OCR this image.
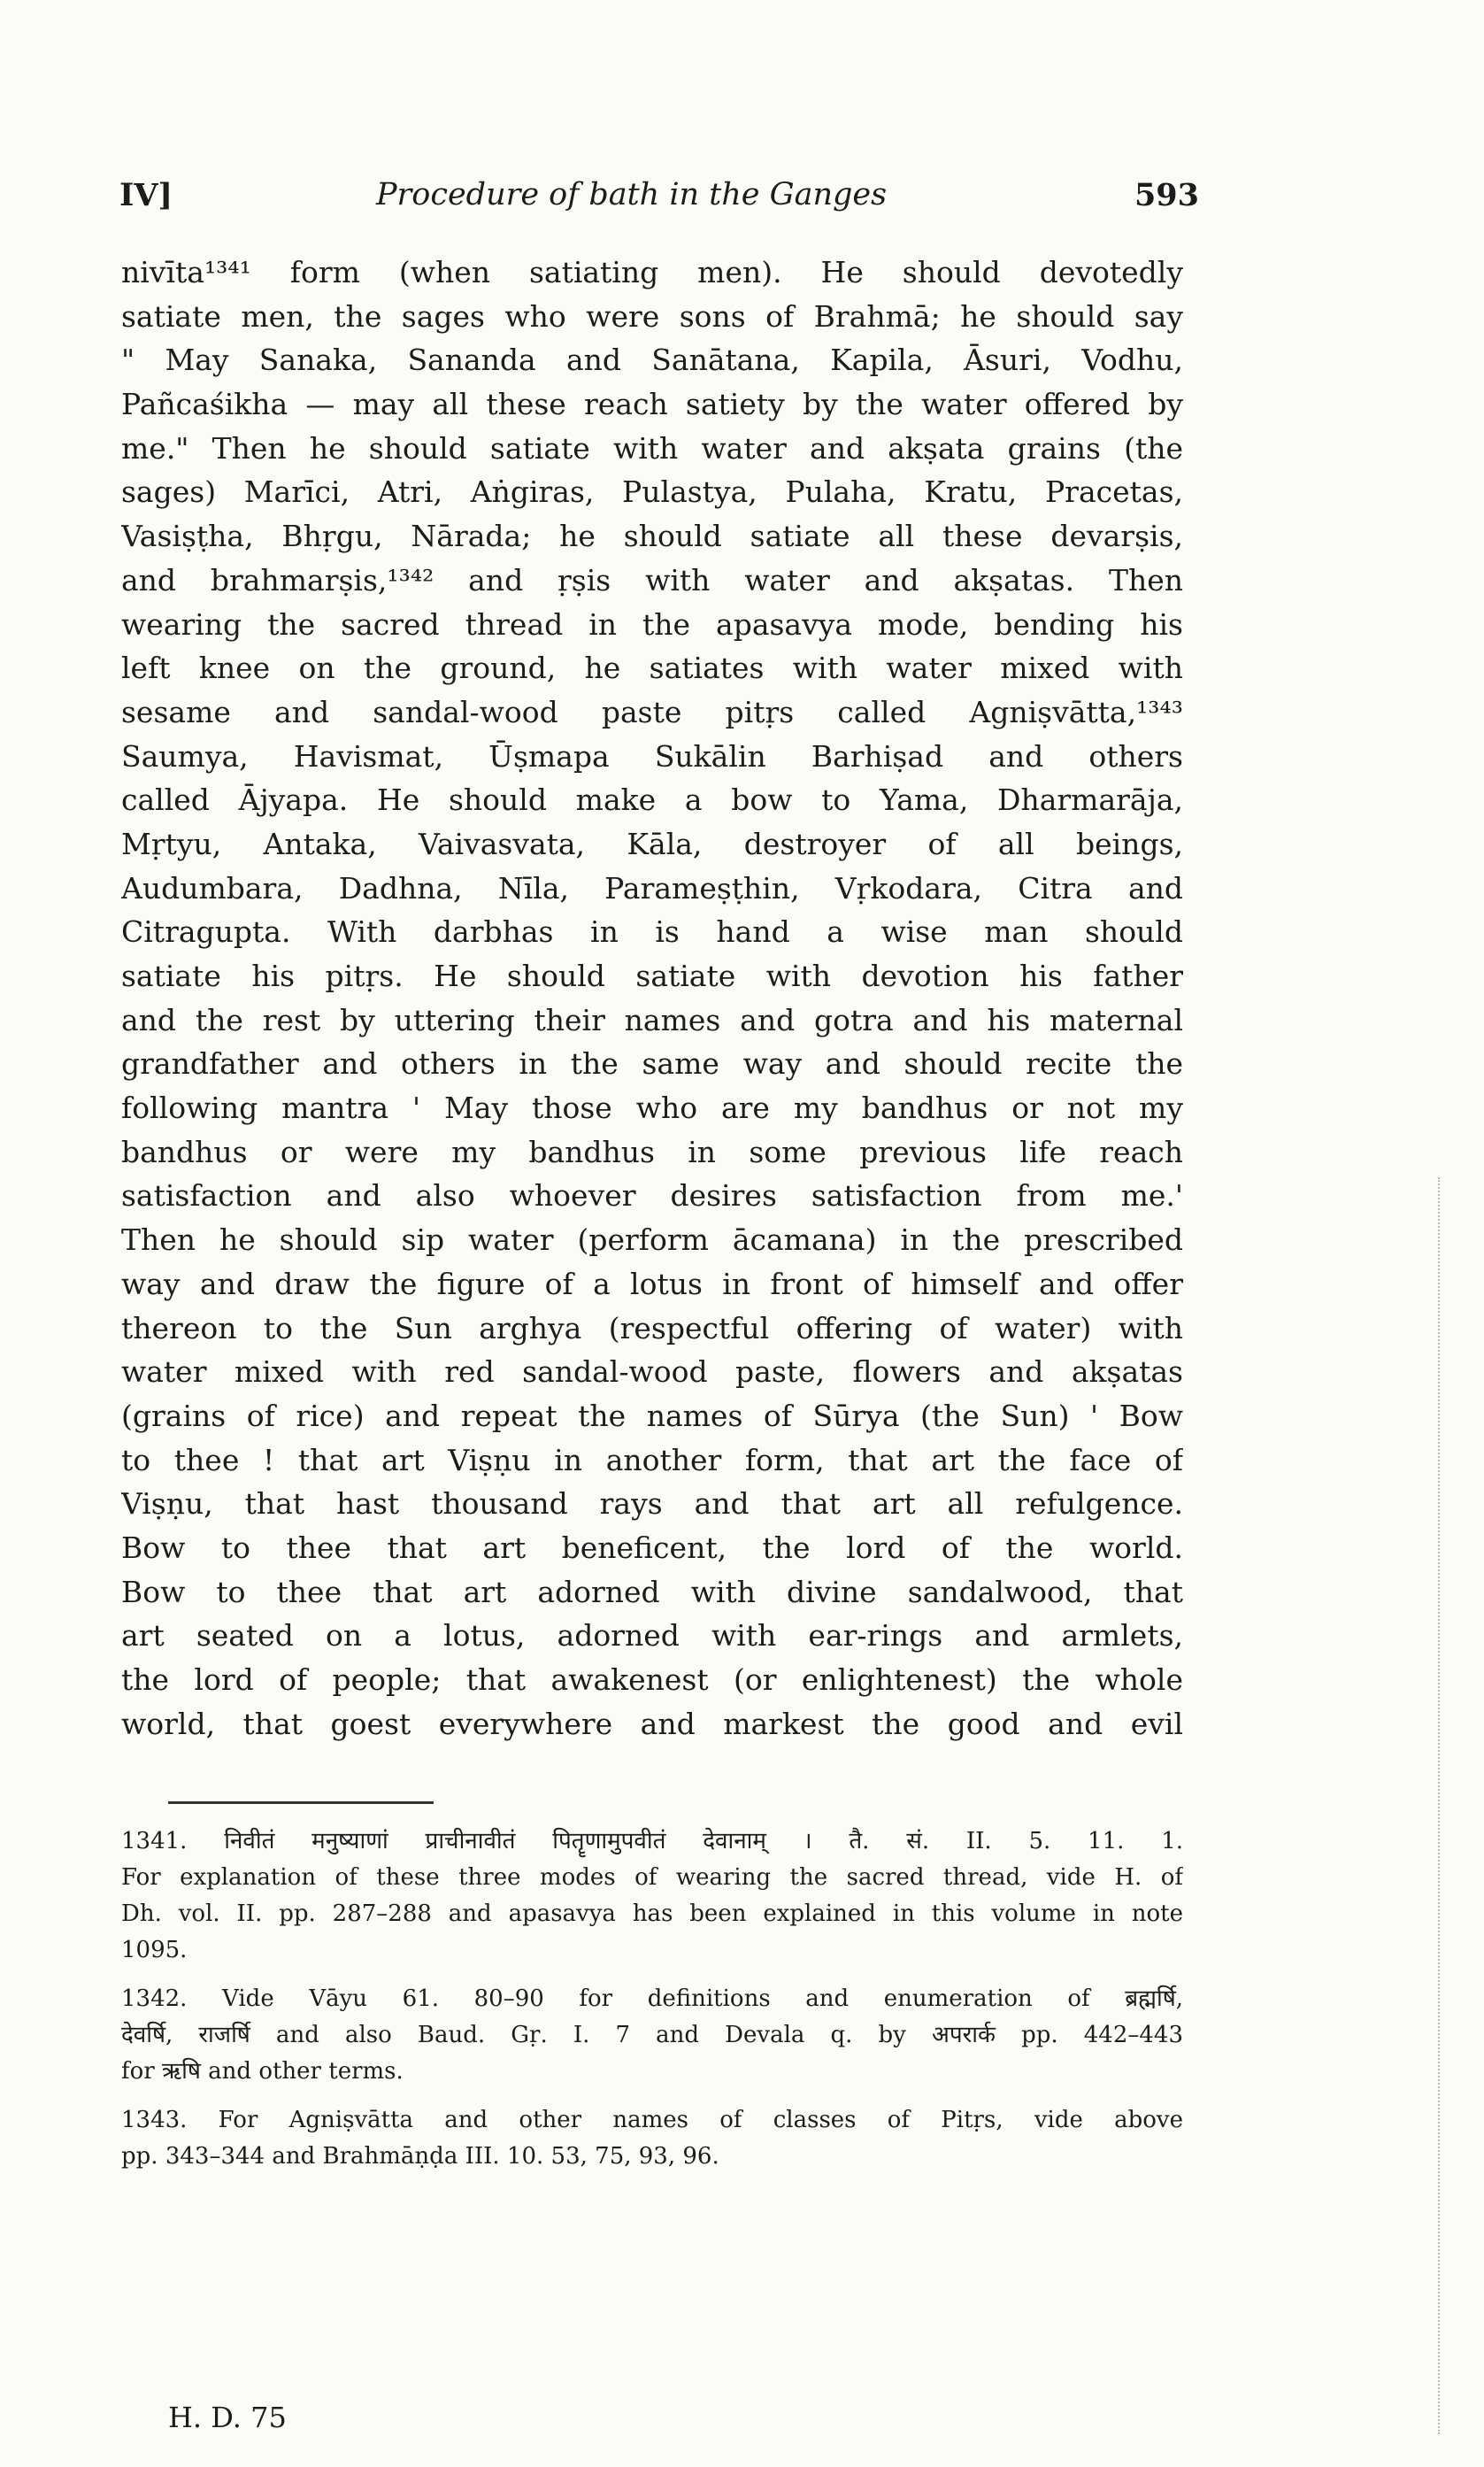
IV]	Procedure of bath in the Ganges	593
nivīta¹³⁴¹ form (when satiating men). He should devotedly
satiate men, the sages who were sons of Brahmā; he should say
" May Sanaka, Sananda and Sanātana, Kapila, Āsuri, Vodhu,
Pañcaśikha — may all these reach satiety by the water offered by
me." Then he should satiate with water and akṣata grains (the
sages) Marīci, Atri, Aṅgiras, Pulastya, Pulaha, Kratu, Pracetas,
Vasiṣṭha, Bhṛgu, Nārada; he should satiate all these devarṣis,
and brahmarṣis,¹³⁴² and ṛṣis with water and akṣatas. Then
wearing the sacred thread in the apasavya mode, bending his
left knee on the ground, he satiates with water mixed with
sesame and sandal-wood paste pitṛs called Agniṣvātta,¹³⁴³
Saumya, Havismat, Ūṣmapa Sukālin Barhiṣad and others
called Ājyapa. He should make a bow to Yama, Dharmarāja,
Mṛtyu, Antaka, Vaivasvata, Kāla, destroyer of all beings,
Audumbara, Dadhna, Nīla, Parameṣṭhin, Vṛkodara, Citra and
Citragupta. With darbhas in is hand a wise man should
satiate his pitṛs. He should satiate with devotion his father
and the rest by uttering their names and gotra and his maternal
grandfather and others in the same way and should recite the
following mantra ' May those who are my bandhus or not my
bandhus or were my bandhus in some previous life reach
satisfaction and also whoever desires satisfaction from me.'
Then he should sip water (perform ācamana) in the prescribed
way and draw the figure of a lotus in front of himself and offer
thereon to the Sun arghya (respectful offering of water) with
water mixed with red sandal-wood paste, flowers and akṣatas
(grains of rice) and repeat the names of Sūrya (the Sun) ' Bow
to thee ! that art Viṣṇu in another form, that art the face of
Viṣṇu, that hast thousand rays and that art all refulgence.
Bow to thee that art beneficent, the lord of the world.
Bow to thee that art adorned with divine sandalwood, that
art seated on a lotus, adorned with ear-rings and armlets,
the lord of people; that awakenest (or enlightenest) the whole
world, that goest everywhere and markest the good and evil
1341. निवीतं मनुष्याणां प्राचीनावीतं पितॄणामुपवीतं देवानाम् । तै. सं. II. 5. 11. 1.
For explanation of these three modes of wearing the sacred thread, vide H. of
Dh. vol. II. pp. 287–288 and apasavya has been explained in this volume in note
1095.
1342. Vide Vāyu 61. 80–90 for definitions and enumeration of ब्रह्मर्षि,
देवर्षि, राजर्षि and also Baud. Gṛ. I. 7 and Devala q. by अपरार्क pp. 442–443
for ऋषि and other terms.
1343. For Agniṣvātta and other names of classes of Pitṛs, vide above
pp. 343–344 and Brahmāṇḍa III. 10. 53, 75, 93, 96.
H. D. 75
